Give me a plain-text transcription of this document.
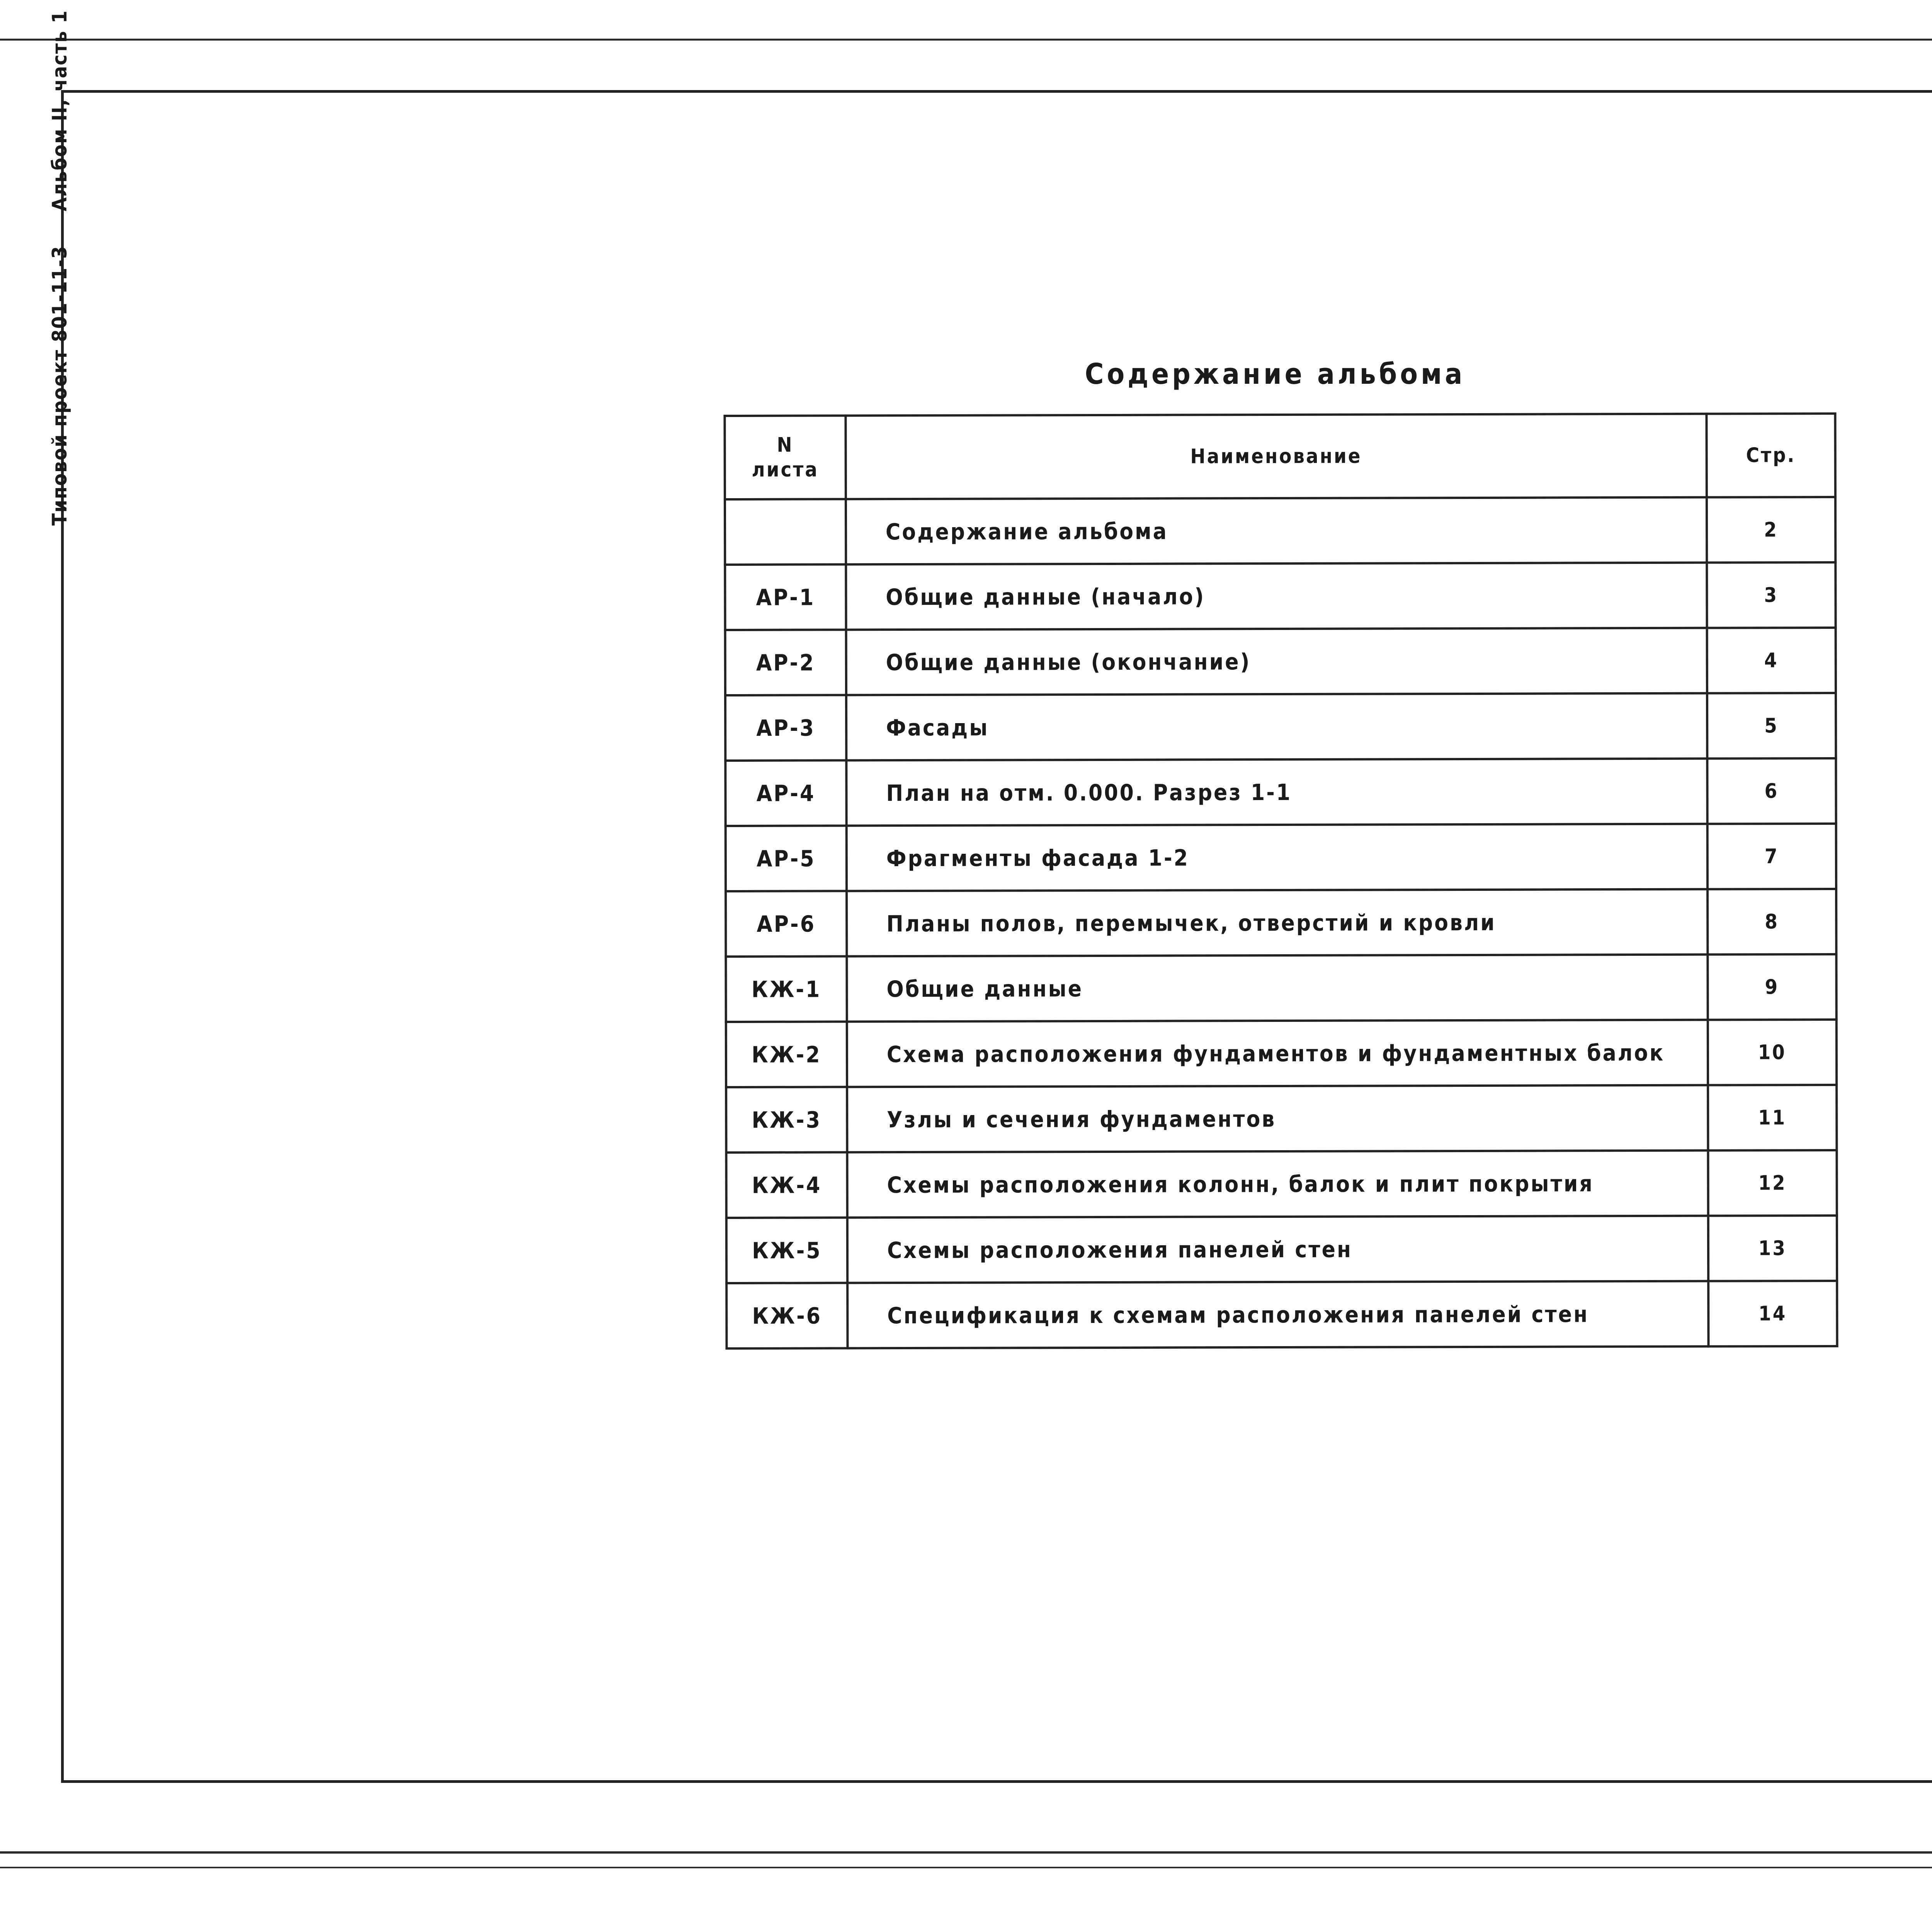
Типовой проект 801-11-3 Альбом II, часть 1
Содержание альбома
N
листа	Наименование	Стр.
	Содержание альбома	2
АР-1	Общие данные (начало)	3
АР-2	Общие данные (окончание)	4
АР-3	Фасады	5
АР-4	План на отм. 0.000. Разрез 1-1	6
АР-5	Фрагменты фасада 1-2	7
АР-6	Планы полов, перемычек, отверстий и кровли	8
КЖ-1	Общие данные	9
КЖ-2	Схема расположения фундаментов и фундаментных балок	10
КЖ-3	Узлы и сечения фундаментов	11
КЖ-4	Схемы расположения колонн, балок и плит покрытия	12
КЖ-5	Схемы расположения панелей стен	13
КЖ-6	Спецификация к схемам расположения панелей стен	14
